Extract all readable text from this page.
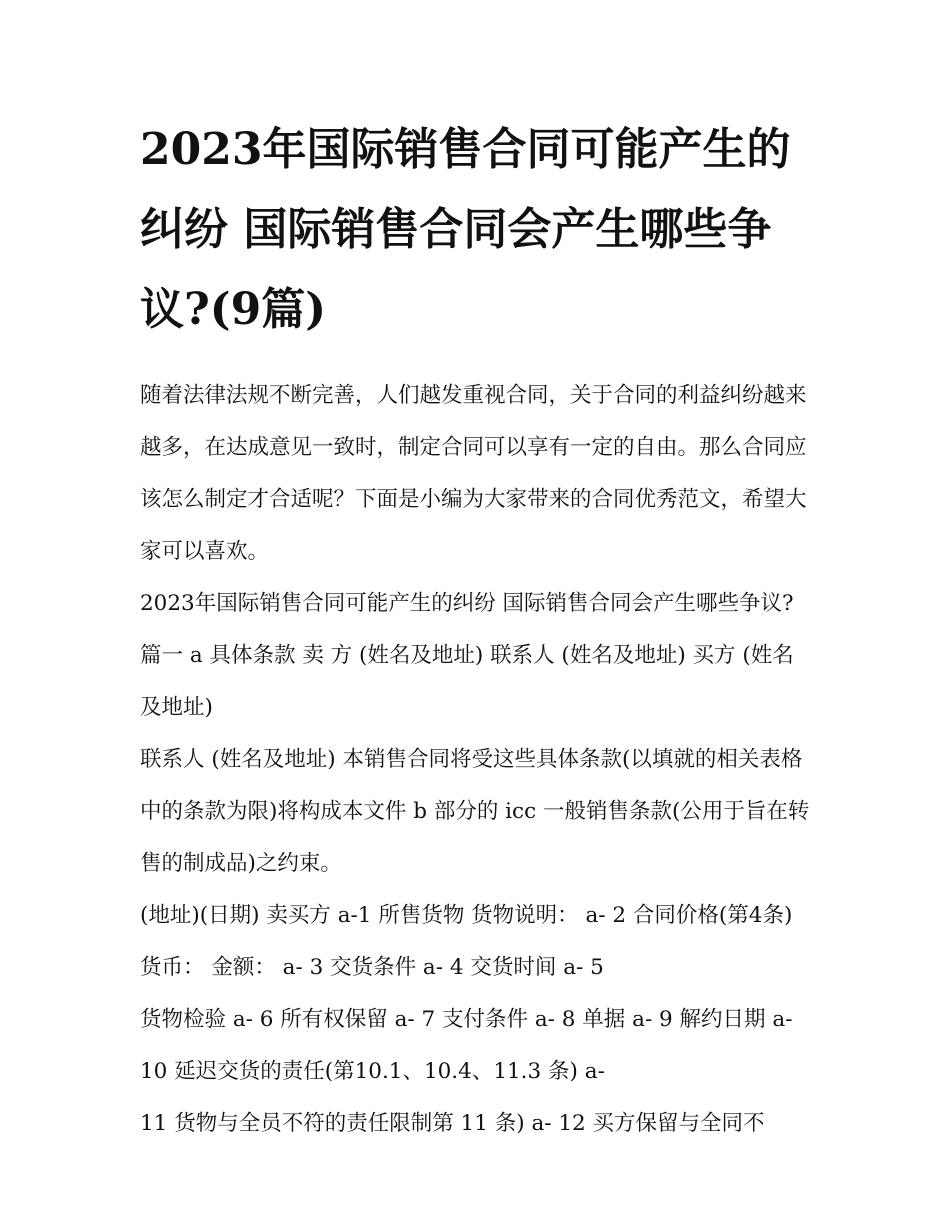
2023年国际销售合同可能产生的纠纷 国际销售合同会产生哪些争议?(9篇)

随着法律法规不断完善，人们越发重视合同，关于合同的利益纠纷越来越多，在达成意见一致时，制定合同可以享有一定的自由。那么合同应该怎么制定才合适呢？下面是小编为大家带来的合同优秀范文，希望大家可以喜欢。

2023年国际销售合同可能产生的纠纷 国际销售合同会产生哪些争议?篇一 a 具体条款 卖 方 (姓名及地址) 联系人 (姓名及地址) 买方 (姓名及地址)

联系人 (姓名及地址) 本销售合同将受这些具体条款(以填就的相关表格中的条款为限)将构成本文件 b 部分的 icc 一般销售条款(公用于旨在转售的制成品)之约束。

(地址)(日期) 卖买方 a-1 所售货物 货物说明： a- 2 合同价格(第4条) 货币： 金额： a- 3 交货条件 a- 4 交货时间 a- 5

货物检验 a- 6 所有权保留 a- 7 支付条件 a- 8 单据 a- 9 解约日期 a- 10 延迟交货的责任(第10.1、10.4、11.3 条) a-

11 货物与全员不符的责任限制第 11 条) a- 12 买方保留与全同不
